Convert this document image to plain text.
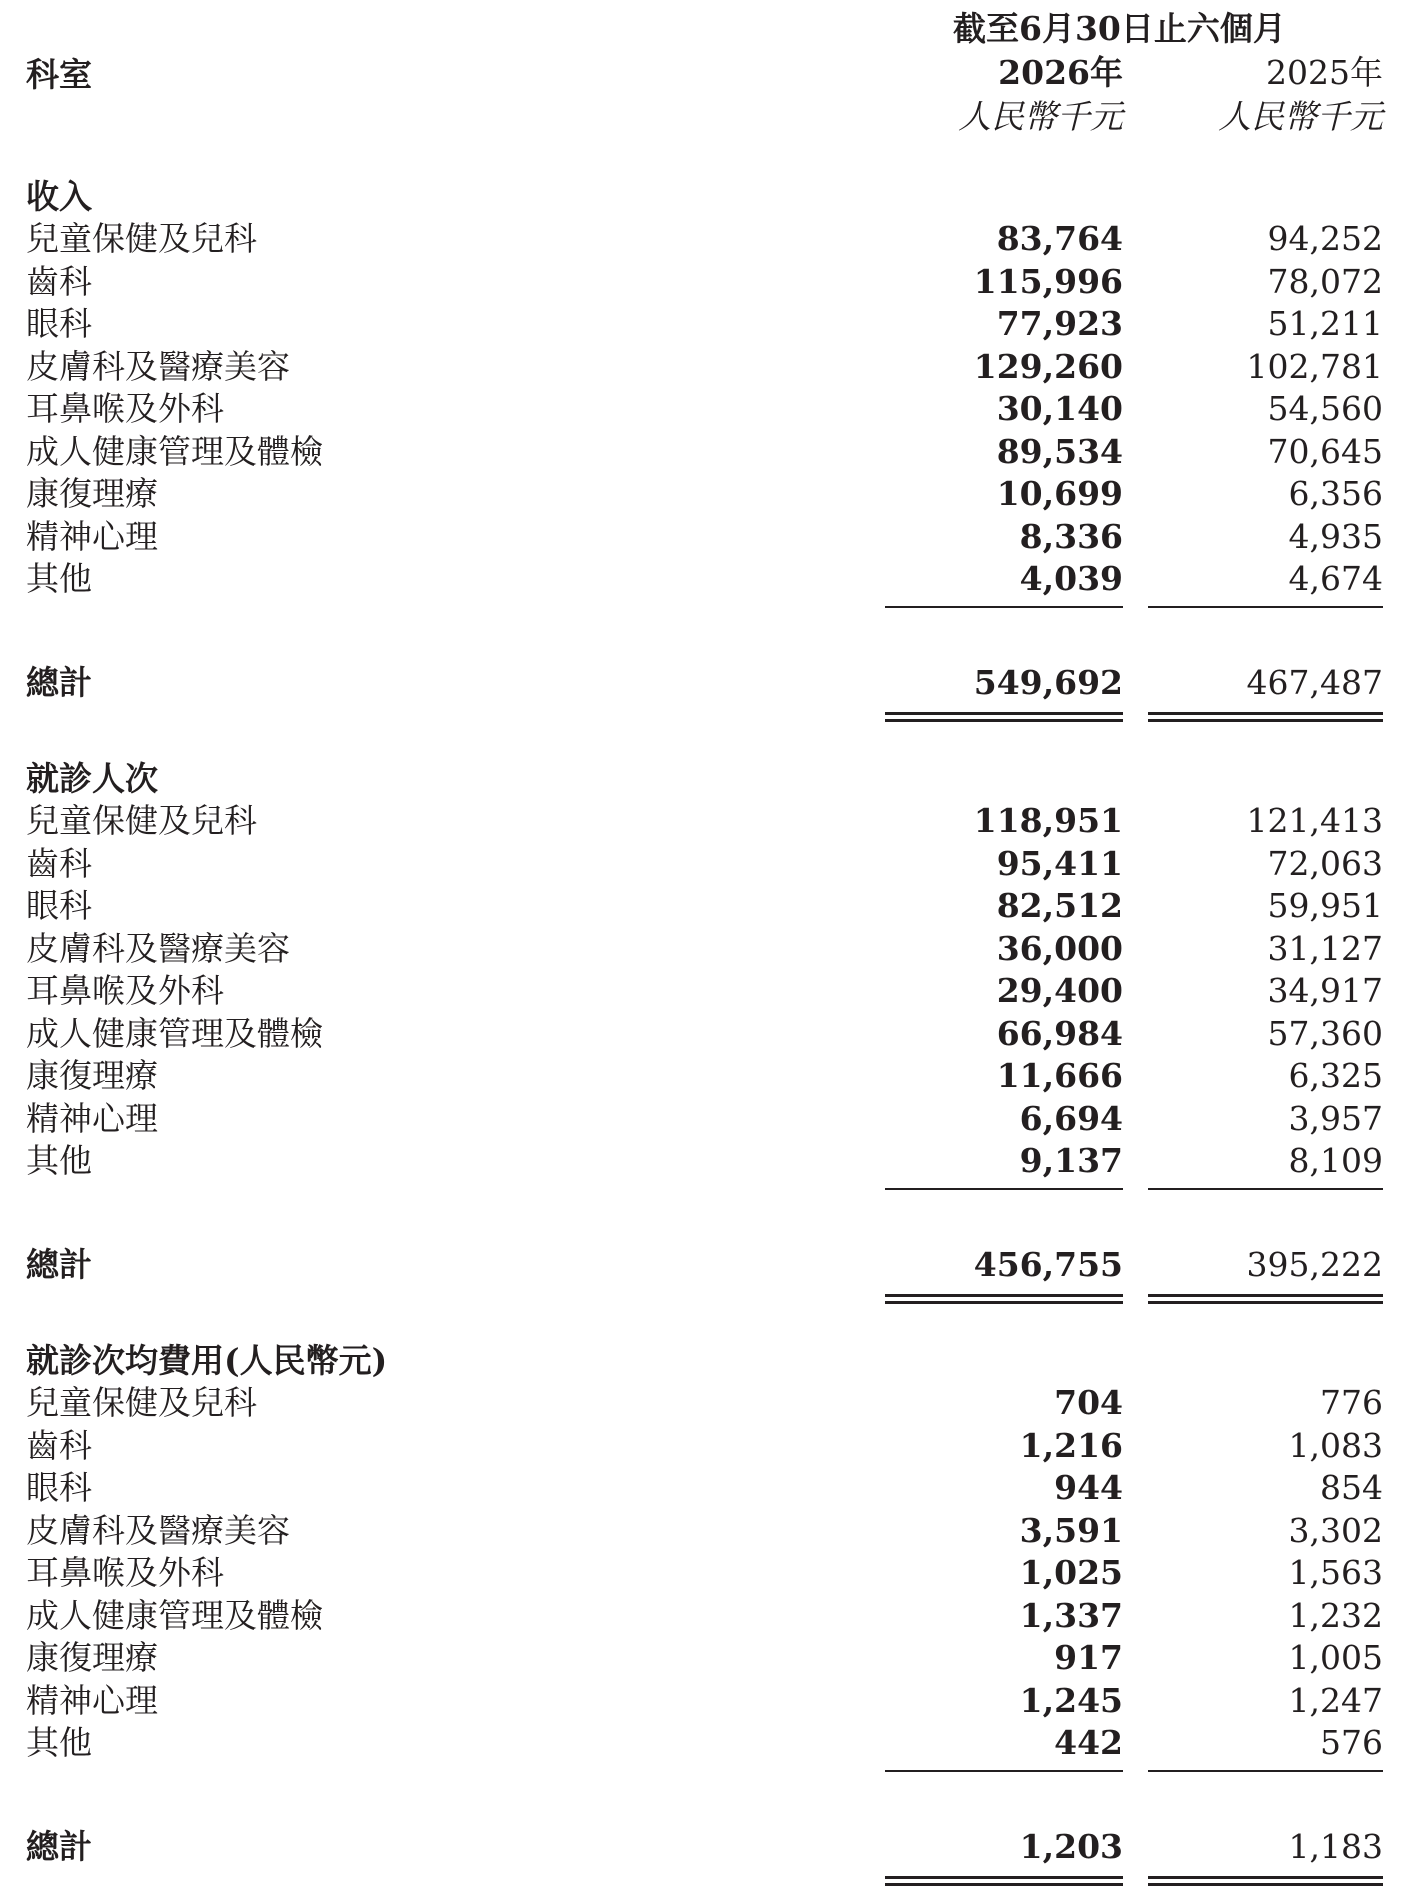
科室
截至6月30日止六個月
2026年	2025年
人民幣千元	人民幣千元
收入
兒童保健及兒科	83,764	94,252
齒科	115,996	78,072
眼科	77,923	51,211
皮膚科及醫療美容	129,260	102,781
耳鼻喉及外科	30,140	54,560
成人健康管理及體檢	89,534	70,645
康復理療	10,699	6,356
精神心理	8,336	4,935
其他	4,039	4,674
總計	549,692	467,487
就診人次
兒童保健及兒科	118,951	121,413
齒科	95,411	72,063
眼科	82,512	59,951
皮膚科及醫療美容	36,000	31,127
耳鼻喉及外科	29,400	34,917
成人健康管理及體檢	66,984	57,360
康復理療	11,666	6,325
精神心理	6,694	3,957
其他	9,137	8,109
總計	456,755	395,222
就診次均費用(人民幣元)
兒童保健及兒科	704	776
齒科	1,216	1,083
眼科	944	854
皮膚科及醫療美容	3,591	3,302
耳鼻喉及外科	1,025	1,563
成人健康管理及體檢	1,337	1,232
康復理療	917	1,005
精神心理	1,245	1,247
其他	442	576
總計	1,203	1,183
